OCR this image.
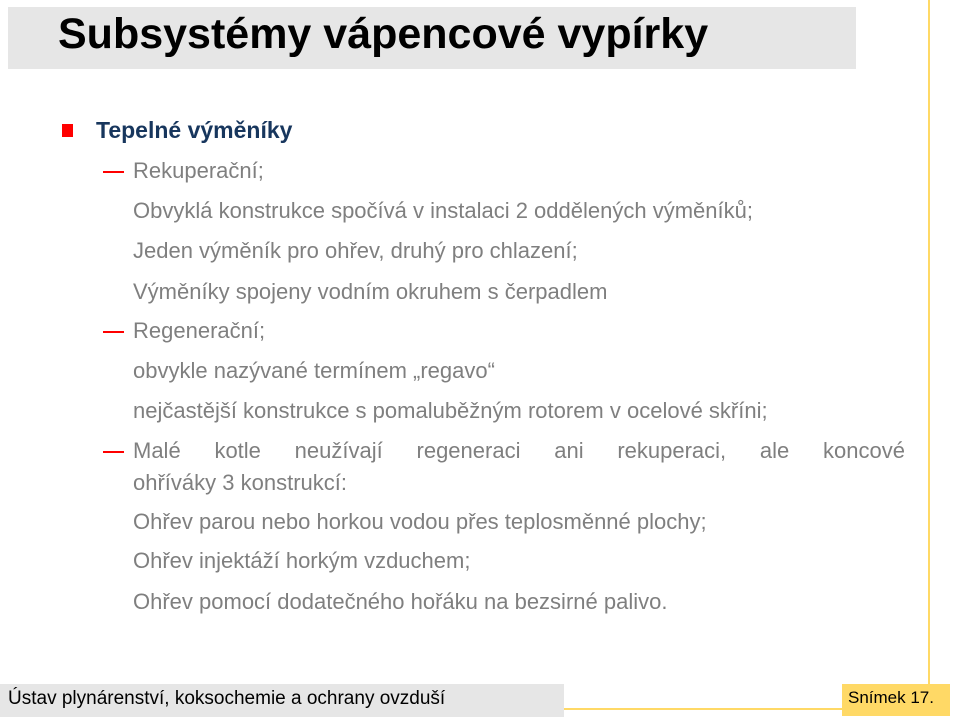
Subsystémy vápencové vypírky
Tepelné výměníky
Rekuperační;
Obvyklá konstrukce spočívá v instalaci 2 oddělených výměníků;
Jeden výměník pro ohřev, druhý pro chlazení;
Výměníky spojeny vodním okruhem s čerpadlem
Regenerační;
obvykle nazývané termínem „regavo“
nejčastější konstrukce s pomaluběžným rotorem v ocelové skříni;
Malé kotle neužívají regeneraci ani rekuperaci, ale koncové
ohříváky 3 konstrukcí:
Ohřev parou nebo horkou vodou přes teplosměnné plochy;
Ohřev injektáží horkým vzduchem;
Ohřev pomocí dodatečného hořáku na bezsirné palivo.
Ústav plynárenství, koksochemie a ochrany ovzduší	Snímek 17.
